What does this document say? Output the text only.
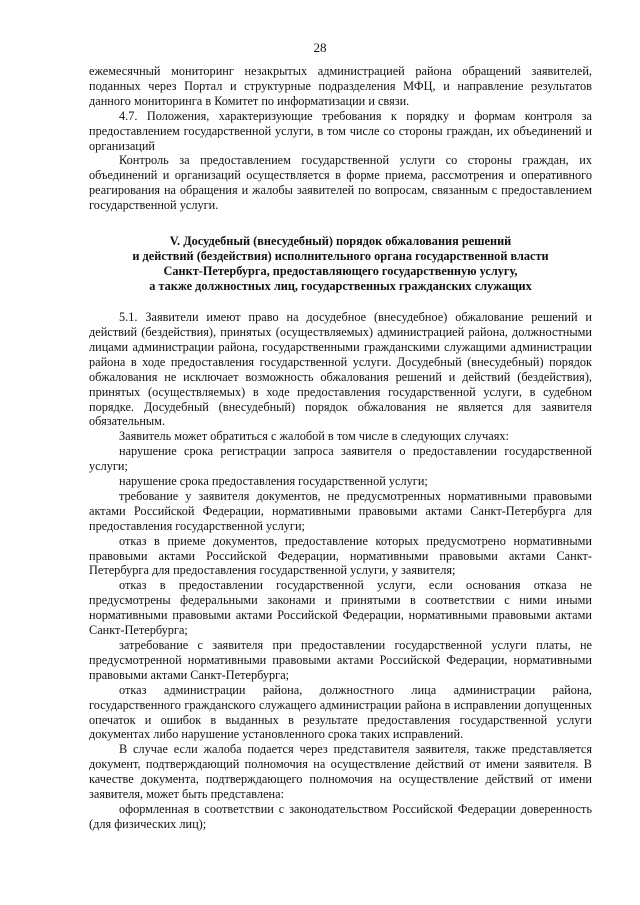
28

ежемесячный мониторинг незакрытых администрацией района обращений заявителей, поданных через Портал и структурные подразделения МФЦ, и направление результатов данного мониторинга в Комитет по информатизации и связи.

4.7. Положения, характеризующие требования к порядку и формам контроля за предоставлением государственной услуги, в том числе со стороны граждан, их объединений и организаций

Контроль за предоставлением государственной услуги со стороны граждан, их объединений и организаций осуществляется в форме приема, рассмотрения и оперативного реагирования на обращения и жалобы заявителей по вопросам, связанным с предоставлением государственной услуги.

V. Досудебный (внесудебный) порядок обжалования решений
и действий (бездействия) исполнительного органа государственной власти
Санкт-Петербурга, предоставляющего государственную услугу,
а также должностных лиц, государственных гражданских служащих

5.1. Заявители имеют право на досудебное (внесудебное) обжалование решений и действий (бездействия), принятых (осуществляемых) администрацией района, должностными лицами администрации района, государственными гражданскими служащими администрации района в ходе предоставления государственной услуги. Досудебный (внесудебный) порядок обжалования не исключает возможность обжалования решений и действий (бездействия), принятых (осуществляемых) в ходе предоставления государственной услуги, в судебном порядке. Досудебный (внесудебный) порядок обжалования не является для заявителя обязательным.

Заявитель может обратиться с жалобой в том числе в следующих случаях:

нарушение срока регистрации запроса заявителя о предоставлении государственной услуги;

нарушение срока предоставления государственной услуги;

требование у заявителя документов, не предусмотренных нормативными правовыми актами Российской Федерации, нормативными правовыми актами Санкт-Петербурга для предоставления государственной услуги;

отказ в приеме документов, предоставление которых предусмотрено нормативными правовыми актами Российской Федерации, нормативными правовыми актами Санкт-Петербурга для предоставления государственной услуги, у заявителя;

отказ в предоставлении государственной услуги, если основания отказа не предусмотрены федеральными законами и принятыми в соответствии с ними иными нормативными правовыми актами Российской Федерации, нормативными правовыми актами Санкт-Петербурга;

затребование с заявителя при предоставлении государственной услуги платы, не предусмотренной нормативными правовыми актами Российской Федерации, нормативными правовыми актами Санкт-Петербурга;

отказ администрации района, должностного лица администрации района, государственного гражданского служащего администрации района в исправлении допущенных опечаток и ошибок в выданных в результате предоставления государственной услуги документах либо нарушение установленного срока таких исправлений.

В случае если жалоба подается через представителя заявителя, также представляется документ, подтверждающий полномочия на осуществление действий от имени заявителя. В качестве документа, подтверждающего полномочия на осуществление действий от имени заявителя, может быть представлена:

оформленная в соответствии с законодательством Российской Федерации доверенность (для физических лиц);
